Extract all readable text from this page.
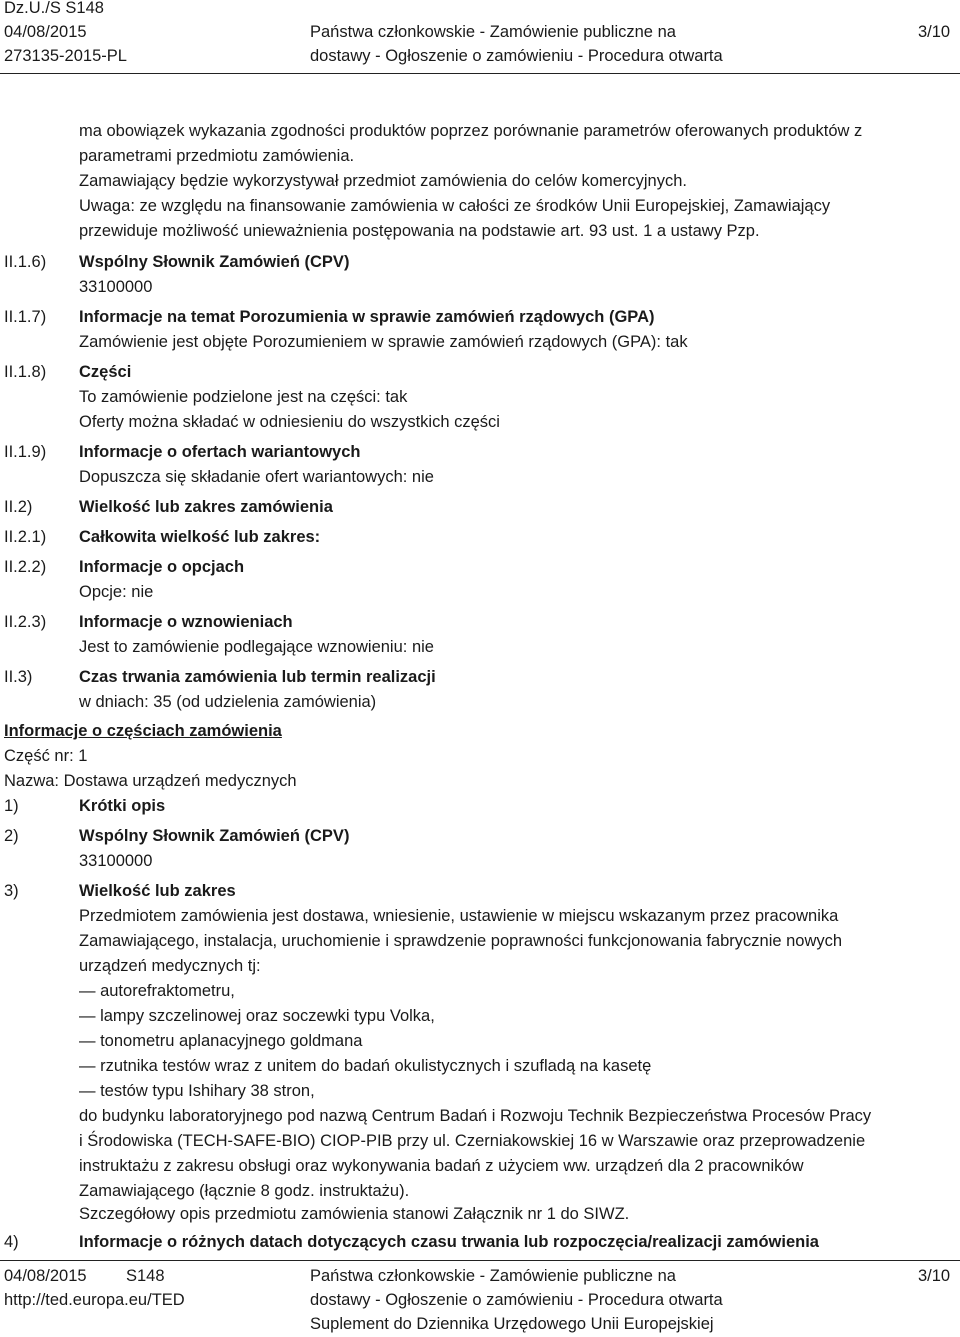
Dz.U./S S148
04/08/2015
273135-2015-PL
Państwa członkowskie - Zamówienie publiczne na
dostawy - Ogłoszenie o zamówieniu - Procedura otwarta
3/10
ma obowiązek wykazania zgodności produktów poprzez porównanie parametrów oferowanych produktów z
parametrami przedmiotu zamówienia.
Zamawiający będzie wykorzystywał przedmiot zamówienia do celów komercyjnych.
Uwaga: ze względu na finansowanie zamówienia w całości ze środków Unii Europejskiej, Zamawiający
przewiduje możliwość unieważnienia postępowania na podstawie art. 93 ust. 1 a ustawy Pzp.
II.1.6) Wspólny Słownik Zamówień (CPV)
33100000
II.1.7) Informacje na temat Porozumienia w sprawie zamówień rządowych (GPA)
Zamówienie jest objęte Porozumieniem w sprawie zamówień rządowych (GPA): tak
II.1.8) Części
To zamówienie podzielone jest na części: tak
Oferty można składać w odniesieniu do wszystkich części
II.1.9) Informacje o ofertach wariantowych
Dopuszcza się składanie ofert wariantowych: nie
II.2)	Wielkość lub zakres zamówienia
II.2.1) Całkowita wielkość lub zakres:
II.2.2) Informacje o opcjach
Opcje: nie
II.2.3) Informacje o wznowieniach
Jest to zamówienie podlegające wznowieniu: nie
II.3)	Czas trwania zamówienia lub termin realizacji
w dniach: 35 (od udzielenia zamówienia)
Informacje o częściach zamówienia
Część nr: 1
Nazwa: Dostawa urządzeń medycznych
1)	Krótki opis
2)	Wspólny Słownik Zamówień (CPV)
33100000
3)	Wielkość lub zakres
Przedmiotem zamówienia jest dostawa, wniesienie, ustawienie w miejscu wskazanym przez pracownika
Zamawiającego, instalacja, uruchomienie i sprawdzenie poprawności funkcjonowania fabrycznie nowych
urządzeń medycznych tj:
— autorefraktometru,
— lampy szczelinowej oraz soczewki typu Volka,
— tonometru aplanacyjnego goldmana
— rzutnika testów wraz z unitem do badań okulistycznych i szufladą na kasetę
— testów typu Ishihary 38 stron,
do budynku laboratoryjnego pod nazwą Centrum Badań i Rozwoju Technik Bezpieczeństwa Procesów Pracy
i Środowiska (TECH-SAFE-BIO) CIOP-PIB przy ul. Czerniakowskiej 16 w Warszawie oraz przeprowadzenie
instruktażu z zakresu obsługi oraz wykonywania badań z użyciem ww. urządzeń dla 2 pracowników
Zamawiającego (łącznie 8 godz. instruktażu).
Szczegółowy opis przedmiotu zamówienia stanowi Załącznik nr 1 do SIWZ.
4)	Informacje o różnych datach dotyczących czasu trwania lub rozpoczęcia/realizacji zamówienia
04/08/2015 S148
http://ted.europa.eu/TED
Państwa członkowskie - Zamówienie publiczne na
dostawy - Ogłoszenie o zamówieniu - Procedura otwarta
Suplement do Dziennika Urzędowego Unii Europejskiej
3/10
